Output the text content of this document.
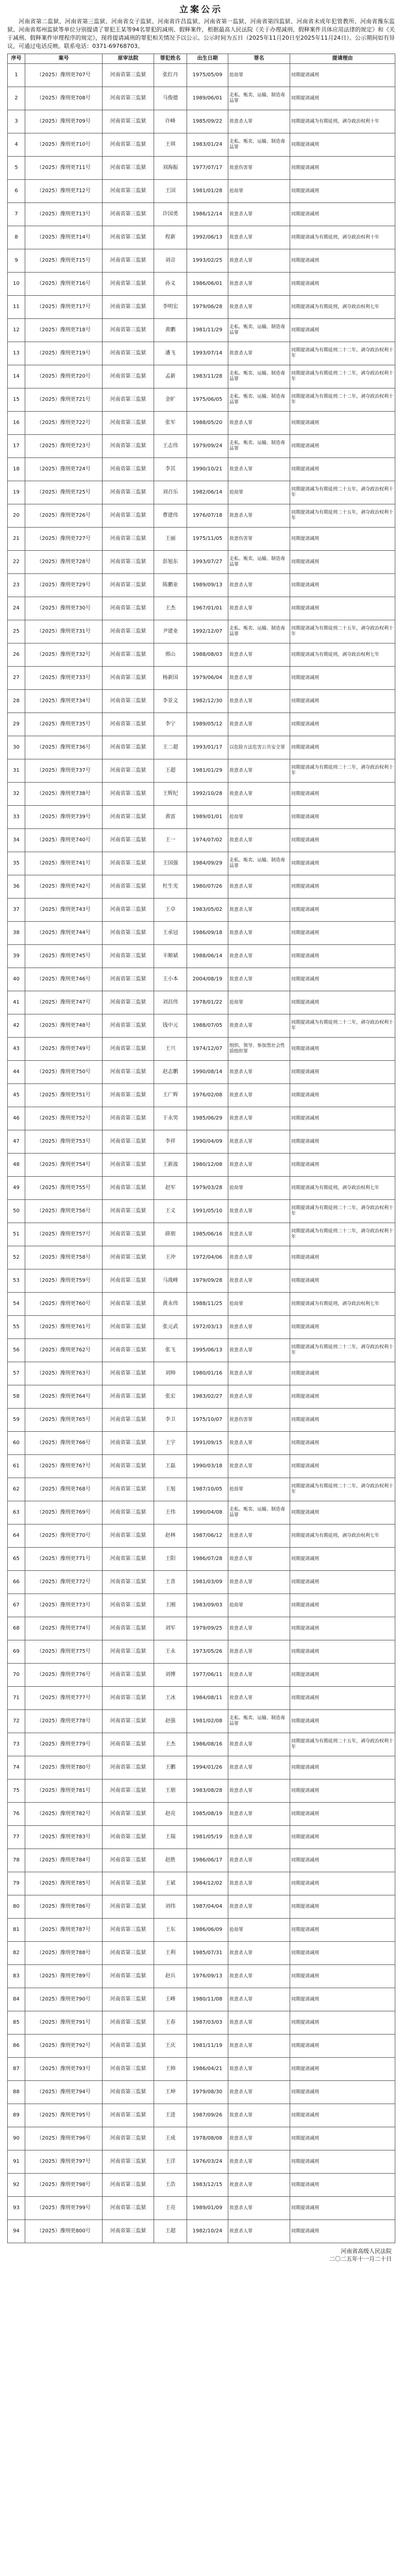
立案公示

河南省第二监狱、河南省第三监狱、河南省女子监狱、河南省许昌监狱、河南省第一监狱、河南省第四监狱、河南省未成年犯管教所、河南省豫东监狱、河南省郑州监狱等单位分别提请了罪犯王某等94名罪犯的减刑、假释案件，根据最高人民法院《关于办理减刑、假释案件具体应用法律的规定》和《关于减刑、假释案件审理程序的规定》，现将提请减刑的罪犯相关情况予以公示。公示时间为五日（2025年11月20日至2025年11月24日）。公示期间如有异议，可通过电话反映。联系电话：0371-69768703。

序号	案号	原审法院	罪犯姓名	出生日期	罪名	提请理由
1	（2025）豫刑更707号	河南省第三监狱	张红丹	1975/05/09	抢劫罪	同期提请减刑
2	（2025）豫刑更708号	河南省第三监狱	马俊德	1989/06/01	走私、贩卖、运输、制造毒品罪	同期提请减刑
3	（2025）豫刑更709号	河南省第三监狱	许峰	1985/09/22	故意杀人罪	同期提请减为有期徒刑，剥夺政治权利十年
4	（2025）豫刑更710号	河南省第三监狱	王琪	1983/01/24	走私、贩卖、运输、制造毒品罪	同期提请减刑
5	（2025）豫刑更711号	河南省第三监狱	刘海振	1977/07/17	故意伤害罪	同期提请减刑
6	（2025）豫刑更712号	河南省第三监狱	王国	1981/01/28	抢劫罪	同期提请减刑
7	（2025）豫刑更713号	河南省第三监狱	许国勇	1986/12/14	故意杀人罪	同期提请减刑
8	（2025）豫刑更714号	河南省第三监狱	程新	1992/06/13	故意杀人罪	同期提请减为有期徒刑，剥夺政治权利十年
9	（2025）豫刑更715号	河南省第三监狱	刘音	1993/02/25	故意杀人罪	同期提请减刑
10	（2025）豫刑更716号	河南省第三监狱	孙义	1986/06/01	故意杀人罪	同期提请减刑
11	（2025）豫刑更717号	河南省第三监狱	李明宏	1979/06/28	故意杀人罪	同期提请减为有期徒刑，剥夺政治权利七年
12	（2025）豫刑更718号	河南省第三监狱	黄鹏	1981/11/29	走私、贩卖、运输、制造毒品罪	同期提请减刑
13	（2025）豫刑更719号	河南省第三监狱	潘飞	1993/07/14	故意杀人罪	同期提请减为有期徒刑二十二年，剥夺政治权利十年
14	（2025）豫刑更720号	河南省第三监狱	孟新	1983/11/28	走私、贩卖、运输、制造毒品罪	同期提请减为有期徒刑二十二年，剥夺政治权利十年
15	（2025）豫刑更721号	河南省第三监狱	金旷	1975/06/05	走私、贩卖、运输、制造毒品罪	同期提请减为有期徒刑二十二年，剥夺政治权利十年
16	（2025）豫刑更722号	河南省第三监狱	张军	1988/05/20	故意杀人罪	同期提请减刑
17	（2025）豫刑更723号	河南省第三监狱	王志伟	1979/09/24	走私、贩卖、运输、制造毒品罪	同期提请减刑
18	（2025）豫刑更724号	河南省第三监狱	李其	1990/10/21	故意杀人罪	同期提请减刑
19	（2025）豫刑更725号	河南省第三监狱	刘召乐	1982/06/14	抢劫罪	同期提请减为有期徒刑二十五年，剥夺政治权利十年
20	（2025）豫刑更726号	河南省第三监狱	曹建伟	1976/07/18	故意杀人罪	同期提请减为有期徒刑二十五年，剥夺政治权利十年
21	（2025）豫刑更727号	河南省第三监狱	王丽	1975/11/05	故意伤害罪	同期提请减刑
22	（2025）豫刑更728号	河南省第三监狱	彭旭东	1993/07/27	走私、贩卖、运输、制造毒品罪	同期提请减刑
23	（2025）豫刑更729号	河南省第三监狱	陈鹏业	1989/09/13	故意杀人罪	同期提请减刑
24	（2025）豫刑更730号	河南省第三监狱	王杰	1967/01/01	故意杀人罪	同期提请减刑
25	（2025）豫刑更731号	河南省第三监狱	尹建业	1992/12/07	走私、贩卖、运输、制造毒品罪	同期提请减为有期徒刑二十五年，剥夺政治权利十年
26	（2025）豫刑更732号	河南省第三监狱	邢山	1988/08/03	故意杀人罪	同期提请减为有期徒刑，剥夺政治权利七年
27	（2025）豫刑更733号	河南省第三监狱	杨新国	1979/06/04	故意杀人罪	同期提请减刑
28	（2025）豫刑更734号	河南省第三监狱	李景文	1982/12/30	故意杀人罪	同期提请减刑
29	（2025）豫刑更735号	河南省第三监狱	李宁	1989/05/12	故意杀人罪	同期提请减刑
30	（2025）豫刑更736号	河南省第三监狱	王二超	1993/01/17	以危险方法危害公共安全罪	同期提请减刑
31	（2025）豫刑更737号	河南省第三监狱	王超	1981/01/29	故意杀人罪	同期提请减为有期徒刑二十二年，剥夺政治权利十年
32	（2025）豫刑更738号	河南省第三监狱	王辉纪	1992/10/28	故意杀人罪	同期提请减刑
33	（2025）豫刑更739号	河南省第三监狱	黄雷	1989/01/01	抢劫罪	同期提请减刑
34	（2025）豫刑更740号	河南省第三监狱	王一	1974/07/02	故意杀人罪	同期提请减刑
35	（2025）豫刑更741号	河南省第三监狱	王国强	1984/09/29	走私、贩卖、运输、制造毒品罪	同期提请减刑
36	（2025）豫刑更742号	河南省第三监狱	杜生光	1980/07/26	故意杀人罪	同期提请减刑
37	（2025）豫刑更743号	河南省第三监狱	王卓	1983/05/02	故意杀人罪	同期提请减刑
38	（2025）豫刑更744号	河南省第三监狱	王承冠	1986/09/18	故意杀人罪	同期提请减刑
39	（2025）豫刑更745号	河南省第三监狱	丰顺斌	1988/06/14	故意杀人罪	同期提请减刑
40	（2025）豫刑更746号	河南省第三监狱	王小本	2004/08/19	故意杀人罪	同期提请减刑
41	（2025）豫刑更747号	河南省第三监狱	刘昌伟	1978/01/22	抢劫罪	同期提请减刑
42	（2025）豫刑更748号	河南省第三监狱	钱中元	1988/07/05	故意杀人罪	同期提请减为有期徒刑二十二年，剥夺政治权利十年
43	（2025）豫刑更749号	河南省第三监狱	王兴	1974/12/07	组织、领导、参加黑社会性质组织罪	同期提请减刑
44	（2025）豫刑更750号	河南省第三监狱	赵志鹏	1990/08/14	故意杀人罪	同期提请减刑
45	（2025）豫刑更751号	河南省第三监狱	王广辉	1976/02/08	故意杀人罪	同期提请减刑
46	（2025）豫刑更752号	河南省第三监狱	于永男	1985/06/29	故意杀人罪	同期提请减刑
47	（2025）豫刑更753号	河南省第三监狱	李祥	1990/04/09	故意杀人罪	同期提请减刑
48	（2025）豫刑更754号	河南省第三监狱	王新波	1980/12/08	故意杀人罪	同期提请减刑
49	（2025）豫刑更755号	河南省第三监狱	赵军	1979/03/28	抢劫罪	同期提请减为有期徒刑，剥夺政治权利七年
50	（2025）豫刑更756号	河南省第三监狱	王义	1991/05/10	故意杀人罪	同期提请减为有期徒刑二十二年，剥夺政治权利十年
51	（2025）豫刑更757号	河南省第三监狱	薛朋	1985/06/16	故意杀人罪	同期提请减为有期徒刑二十二年，剥夺政治权利十年
52	（2025）豫刑更758号	河南省第三监狱	王冲	1972/04/06	故意杀人罪	同期提请减刑
53	（2025）豫刑更759号	河南省第三监狱	马战峰	1979/09/28	故意杀人罪	同期提请减刑
54	（2025）豫刑更760号	河南省第三监狱	黄永伟	1988/11/25	抢劫罪	同期提请减为有期徒刑，剥夺政治权利七年
55	（2025）豫刑更761号	河南省第三监狱	张元武	1972/03/13	故意杀人罪	同期提请减刑
56	（2025）豫刑更762号	河南省第三监狱	张飞	1995/06/13	故意杀人罪	同期提请减为有期徒刑二十二年，剥夺政治权利十年
57	（2025）豫刑更763号	河南省第三监狱	刘帅	1980/01/16	故意杀人罪	同期提请减刑
58	（2025）豫刑更764号	河南省第三监狱	张宏	1983/02/27	故意杀人罪	同期提请减刑
59	（2025）豫刑更765号	河南省第三监狱	李卫	1975/10/07	故意伤害罪	同期提请减刑
60	（2025）豫刑更766号	河南省第三监狱	王宇	1991/09/15	故意杀人罪	同期提请减刑
61	（2025）豫刑更767号	河南省第三监狱	王磊	1990/03/18	故意杀人罪	同期提请减刑
62	（2025）豫刑更768号	河南省第三监狱	王旭	1987/10/05	抢劫罪	同期提请减为有期徒刑二十二年，剥夺政治权利十年
63	（2025）豫刑更769号	河南省第三监狱	王伟	1990/04/08	走私、贩卖、运输、制造毒品罪	同期提请减刑
64	（2025）豫刑更770号	河南省第三监狱	赵林	1987/06/12	故意杀人罪	同期提请减为有期徒刑，剥夺政治权利七年
65	（2025）豫刑更771号	河南省第三监狱	王阳	1986/07/28	故意杀人罪	同期提请减刑
66	（2025）豫刑更772号	河南省第三监狱	王喜	1981/03/09	故意杀人罪	同期提请减刑
67	（2025）豫刑更773号	河南省第三监狱	王刚	1983/09/03	抢劫罪	同期提请减刑
68	（2025）豫刑更774号	河南省第三监狱	刘军	1979/09/25	故意杀人罪	同期提请减刑
69	（2025）豫刑更775号	河南省第三监狱	王永	1973/05/26	故意杀人罪	同期提请减刑
70	（2025）豫刑更776号	河南省第三监狱	刘博	1977/06/11	故意杀人罪	同期提请减刑
71	（2025）豫刑更777号	河南省第三监狱	王冰	1984/08/11	故意杀人罪	同期提请减刑
72	（2025）豫刑更778号	河南省第三监狱	赵强	1981/02/08	走私、贩卖、运输、制造毒品罪	同期提请减刑
73	（2025）豫刑更779号	河南省第三监狱	王杰	1986/08/16	故意杀人罪	同期提请减为有期徒刑二十五年，剥夺政治权利十年
74	（2025）豫刑更780号	河南省第三监狱	王鹏	1994/01/26	故意杀人罪	同期提请减刑
75	（2025）豫刑更781号	河南省第三监狱	王朋	1983/08/28	故意杀人罪	同期提请减刑
76	（2025）豫刑更782号	河南省第三监狱	赵亮	1985/08/19	故意杀人罪	同期提请减刑
77	（2025）豫刑更783号	河南省第三监狱	王瑞	1981/05/19	故意杀人罪	同期提请减刑
78	（2025）豫刑更784号	河南省第三监狱	赵胜	1986/06/17	故意杀人罪	同期提请减刑
79	（2025）豫刑更785号	河南省第三监狱	王斌	1984/12/02	故意杀人罪	同期提请减刑
80	（2025）豫刑更786号	河南省第三监狱	刘伟	1987/04/04	故意杀人罪	同期提请减刑
81	（2025）豫刑更787号	河南省第三监狱	王东	1986/06/09	抢劫罪	同期提请减刑
82	（2025）豫刑更788号	河南省第三监狱	王利	1985/07/31	故意杀人罪	同期提请减刑
83	（2025）豫刑更789号	河南省第三监狱	赵兵	1976/09/13	故意杀人罪	同期提请减刑
84	（2025）豫刑更790号	河南省第三监狱	王峰	1980/11/08	故意杀人罪	同期提请减刑
85	（2025）豫刑更791号	河南省第三监狱	王春	1987/03/03	故意杀人罪	同期提请减刑
86	（2025）豫刑更792号	河南省第三监狱	王庆	1981/11/19	故意杀人罪	同期提请减刑
87	（2025）豫刑更793号	河南省第三监狱	王帅	1986/04/21	故意杀人罪	同期提请减刑
88	（2025）豫刑更794号	河南省第三监狱	王坤	1979/08/30	故意杀人罪	同期提请减刑
89	（2025）豫刑更795号	河南省第三监狱	王进	1987/09/26	故意杀人罪	同期提请减刑
90	（2025）豫刑更796号	河南省第三监狱	王成	1978/08/08	故意杀人罪	同期提请减刑
91	（2025）豫刑更797号	河南省第三监狱	王洋	1976/03/24	故意杀人罪	同期提请减刑
92	（2025）豫刑更798号	河南省第三监狱	王浩	1983/12/15	故意杀人罪	同期提请减刑
93	（2025）豫刑更799号	河南省第三监狱	王亮	1989/01/09	故意杀人罪	同期提请减刑
94	（2025）豫刑更800号	河南省第三监狱	王超	1982/10/24	故意杀人罪	同期提请减刑
河南省高级人民法院
二〇二五年十一月二十日
